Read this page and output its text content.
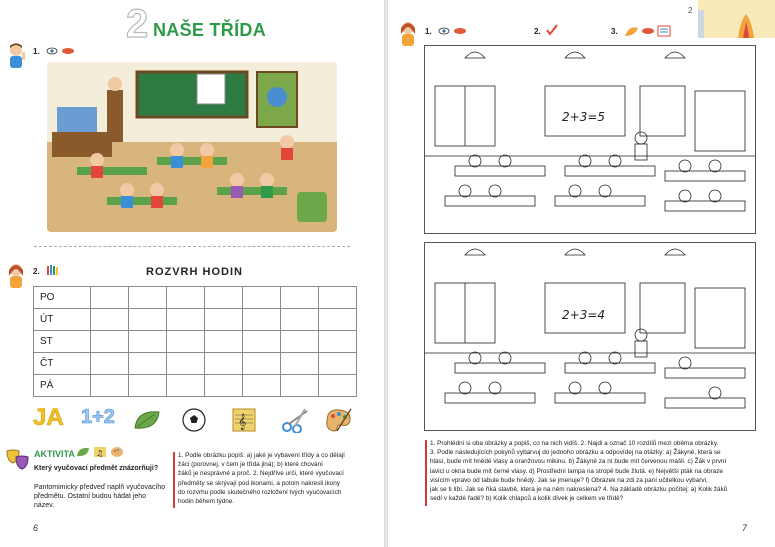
2 NAŠE TŘÍDA
1.
2.	ROZVRH HODIN
PO							
ÚT							
ST							
ČT							
PÁ							
JA 1+2	𝄞
AKTIVITA	♫
Který vyučovací předmět znázorňuji?
Pantomimicky předveď naplň vyučovacího předmětu. Ostatní budou hádat jeho název.
1. Podle obrázku popiš: a) jaké je vybavení třídy a co dělají
žáci (porovnej, v čem je třída jiná); b) které chování
žáků je nesprávné a proč. 2. Nejdříve urči, které vyučovací
předměty se skrývají pod ikonami, a potom nakresli ikony
do rozvrhu podle skutečného rozložení tvých vyučovacích
hodin během týdne.
6
2
1.	2.	3.
2+3=5
2+3=4
1. Prohlédni si oba obrázky a popiš, co na nich vidíš. 2. Najdi a označ 10 rozdílů mezi oběma obrázky.
3. Podle následujících pokynů vybarvuj do jednoho obrázku a odpovídej na otázky: a) Žákyně, která se
hlásí, bude mít hnědé vlasy a oranžovou mikinu. b) Žákyně za ní bude mít červenou mašli. c) Žák v první
lavici u okna bude mít černé vlasy. d) Prostřední lampa na stropě bude žlutá. e) Největší pták na obraze
visícím vpravo od tabule bude hnědý. Jak se jmenuje? f) Obrázek na zdi za paní učitelkou vybarvi,
jak se ti líbí. Jak se říká stavbě, která je na něm nakreslena? 4. Na základě obrázku počítej: a) Kolik žáků
sedí v každé řadě? b) Kolik chlapců a kolik dívek je celkem ve třídě?
7
